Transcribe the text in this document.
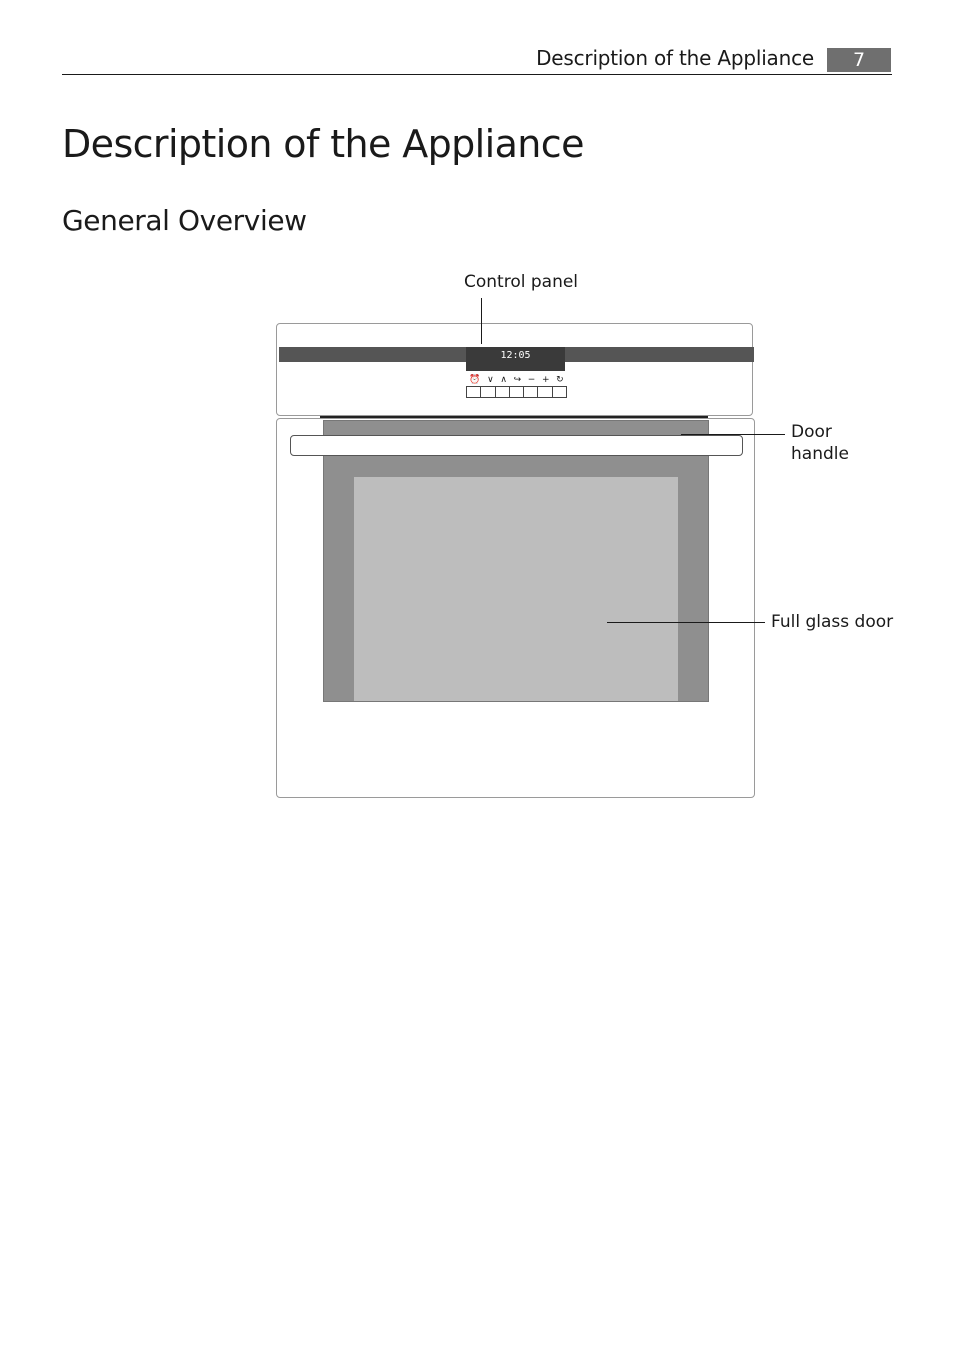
Description of the Appliance	7
Description of the Appliance
General Overview
12:05
⏰ ∨ ∧ ↪ − + ↻
Control panel
Door
handle
Full glass door
